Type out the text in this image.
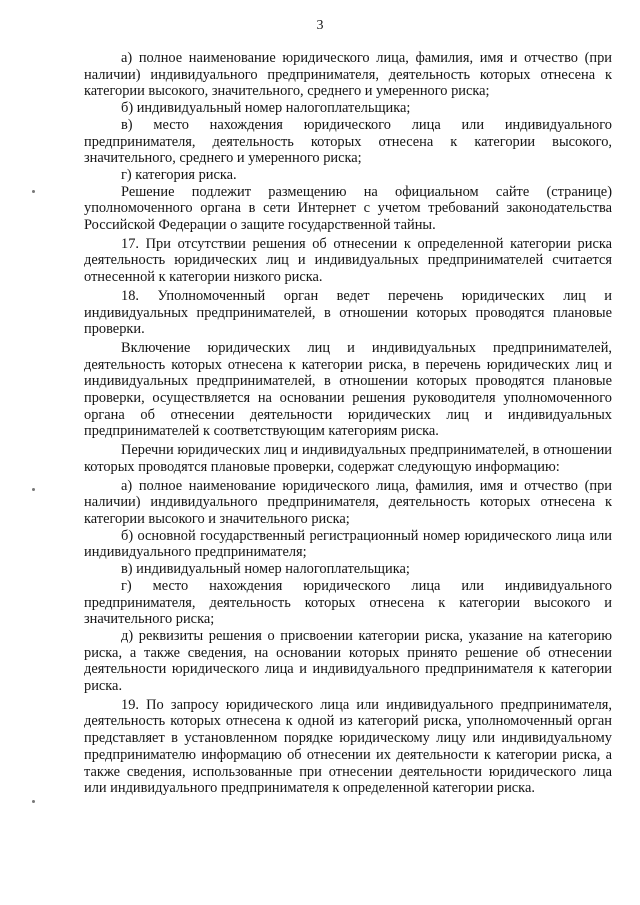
3

а) полное наименование юридического лица, фамилия, имя и отчество (при наличии) индивидуального предпринимателя, деятельность которых отнесена к категории высокого, значительного, среднего и умеренного риска;

б) индивидуальный номер налогоплательщика;

в) место нахождения юридического лица или индивидуального предпринимателя, деятельность которых отнесена к категории высокого, значительного, среднего и умеренного риска;

г) категория риска.

Решение подлежит размещению на официальном сайте (странице) уполномоченного органа в сети Интернет с учетом требований законодательства Российской Федерации о защите государственной тайны.

17. При отсутствии решения об отнесении к определенной категории риска деятельность юридических лиц и индивидуальных предпринимателей считается отнесенной к категории низкого риска.

18. Уполномоченный орган ведет перечень юридических лиц и индивидуальных предпринимателей, в отношении которых проводятся плановые проверки.

Включение юридических лиц и индивидуальных предпринимателей, деятельность которых отнесена к категории риска, в перечень юридических лиц и индивидуальных предпринимателей, в отношении которых проводятся плановые проверки, осуществляется на основании решения руководителя уполномоченного органа об отнесении деятельности юридических лиц и индивидуальных предпринимателей к соответствующим категориям риска.

Перечни юридических лиц и индивидуальных предпринимателей, в отношении которых проводятся плановые проверки, содержат следующую информацию:

а) полное наименование юридического лица, фамилия, имя и отчество (при наличии) индивидуального предпринимателя, деятельность которых отнесена к категории высокого и значительного риска;

б) основной государственный регистрационный номер юридического лица или индивидуального предпринимателя;

в) индивидуальный номер налогоплательщика;

г) место нахождения юридического лица или индивидуального предпринимателя, деятельность которых отнесена к категории высокого и значительного риска;

д) реквизиты решения о присвоении категории риска, указание на категорию риска, а также сведения, на основании которых принято решение об отнесении деятельности юридического лица и индивидуального предпринимателя к категории риска.

19. По запросу юридического лица или индивидуального предпринимателя, деятельность которых отнесена к одной из категорий риска, уполномоченный орган представляет в установленном порядке юридическому лицу или индивидуальному предпринимателю информацию об отнесении их деятельности к категории риска, а также сведения, использованные при отнесении деятельности юридического лица или индивидуального предпринимателя к определенной категории риска.
